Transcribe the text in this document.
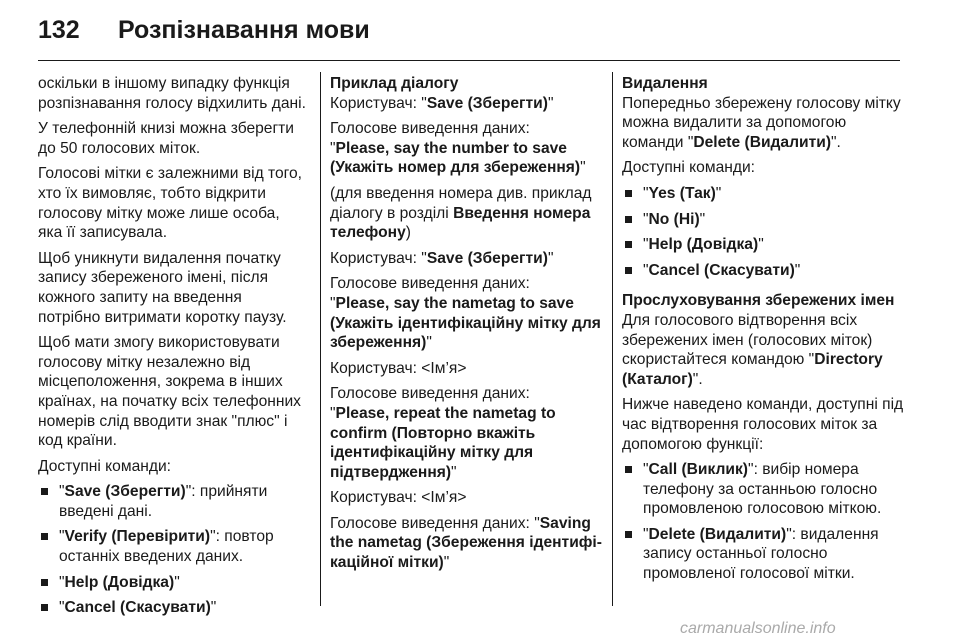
132 Розпізнавання мови

оскільки в іншому випадку функція розпізнавання голосу відхилить дані.

У телефонній книзі можна зберегти до 50 голосових міток.

Голосові мітки є залежними від того, хто їх вимовляє, тобто відкрити голосову мітку може лише особа, яка її записувала.

Щоб уникнути видалення початку запису збереженого імені, після кожного запиту на введення потрібно витримати коротку паузу.

Щоб мати змогу використовувати голосову мітку незалежно від місцеположення, зокрема в інших країнах, на початку всіх телефонних номерів слід вводити знак "плюс" і код країни.

Доступні команди:

"Save (Зберегти)": прийняти введені дані.
"Verify (Перевірити)": повтор останніх введених даних.
"Help (Довідка)"
"Cancel (Скасувати)"
Приклад діалогу

Користувач: "Save (Зберегти)"

Голосове виведення даних:
"Please, say the number to save (Укажіть номер для збереження)"

(для введення номера див. приклад діалогу в розділі Введення номера телефону)

Користувач: "Save (Зберегти)"

Голосове виведення даних:
"Please, say the nametag to save (Укажіть ідентифікаційну мітку для збереження)"

Користувач: <Ім’я>

Голосове виведення даних:
"Please, repeat the nametag to confirm (Повторно вкажіть ідентифікаційну мітку для підтвердження)"

Користувач: <Ім’я>

Голосове виведення даних: "Saving the nametag (Збереження ідентифі-каційної мітки)"

Видалення

Попередньо збережену голосову мітку можна видалити за допомогою команди "Delete (Видалити)".

Доступні команди:

"Yes (Так)"
"No (Ні)"
"Help (Довідка)"
"Cancel (Скасувати)"
Прослуховування збережених імен

Для голосового відтворення всіх збережених імен (голосових міток) скористайтеся командою "Directory (Каталог)".

Нижче наведено команди, доступні під час відтворення голосових міток за допомогою функції:

"Call (Виклик)": вибір номера телефону за останньою голосно промовленою голосовою міткою.
"Delete (Видалити)": видалення запису останньої голосно промовленої голосової мітки.
carmanualsonline.info
